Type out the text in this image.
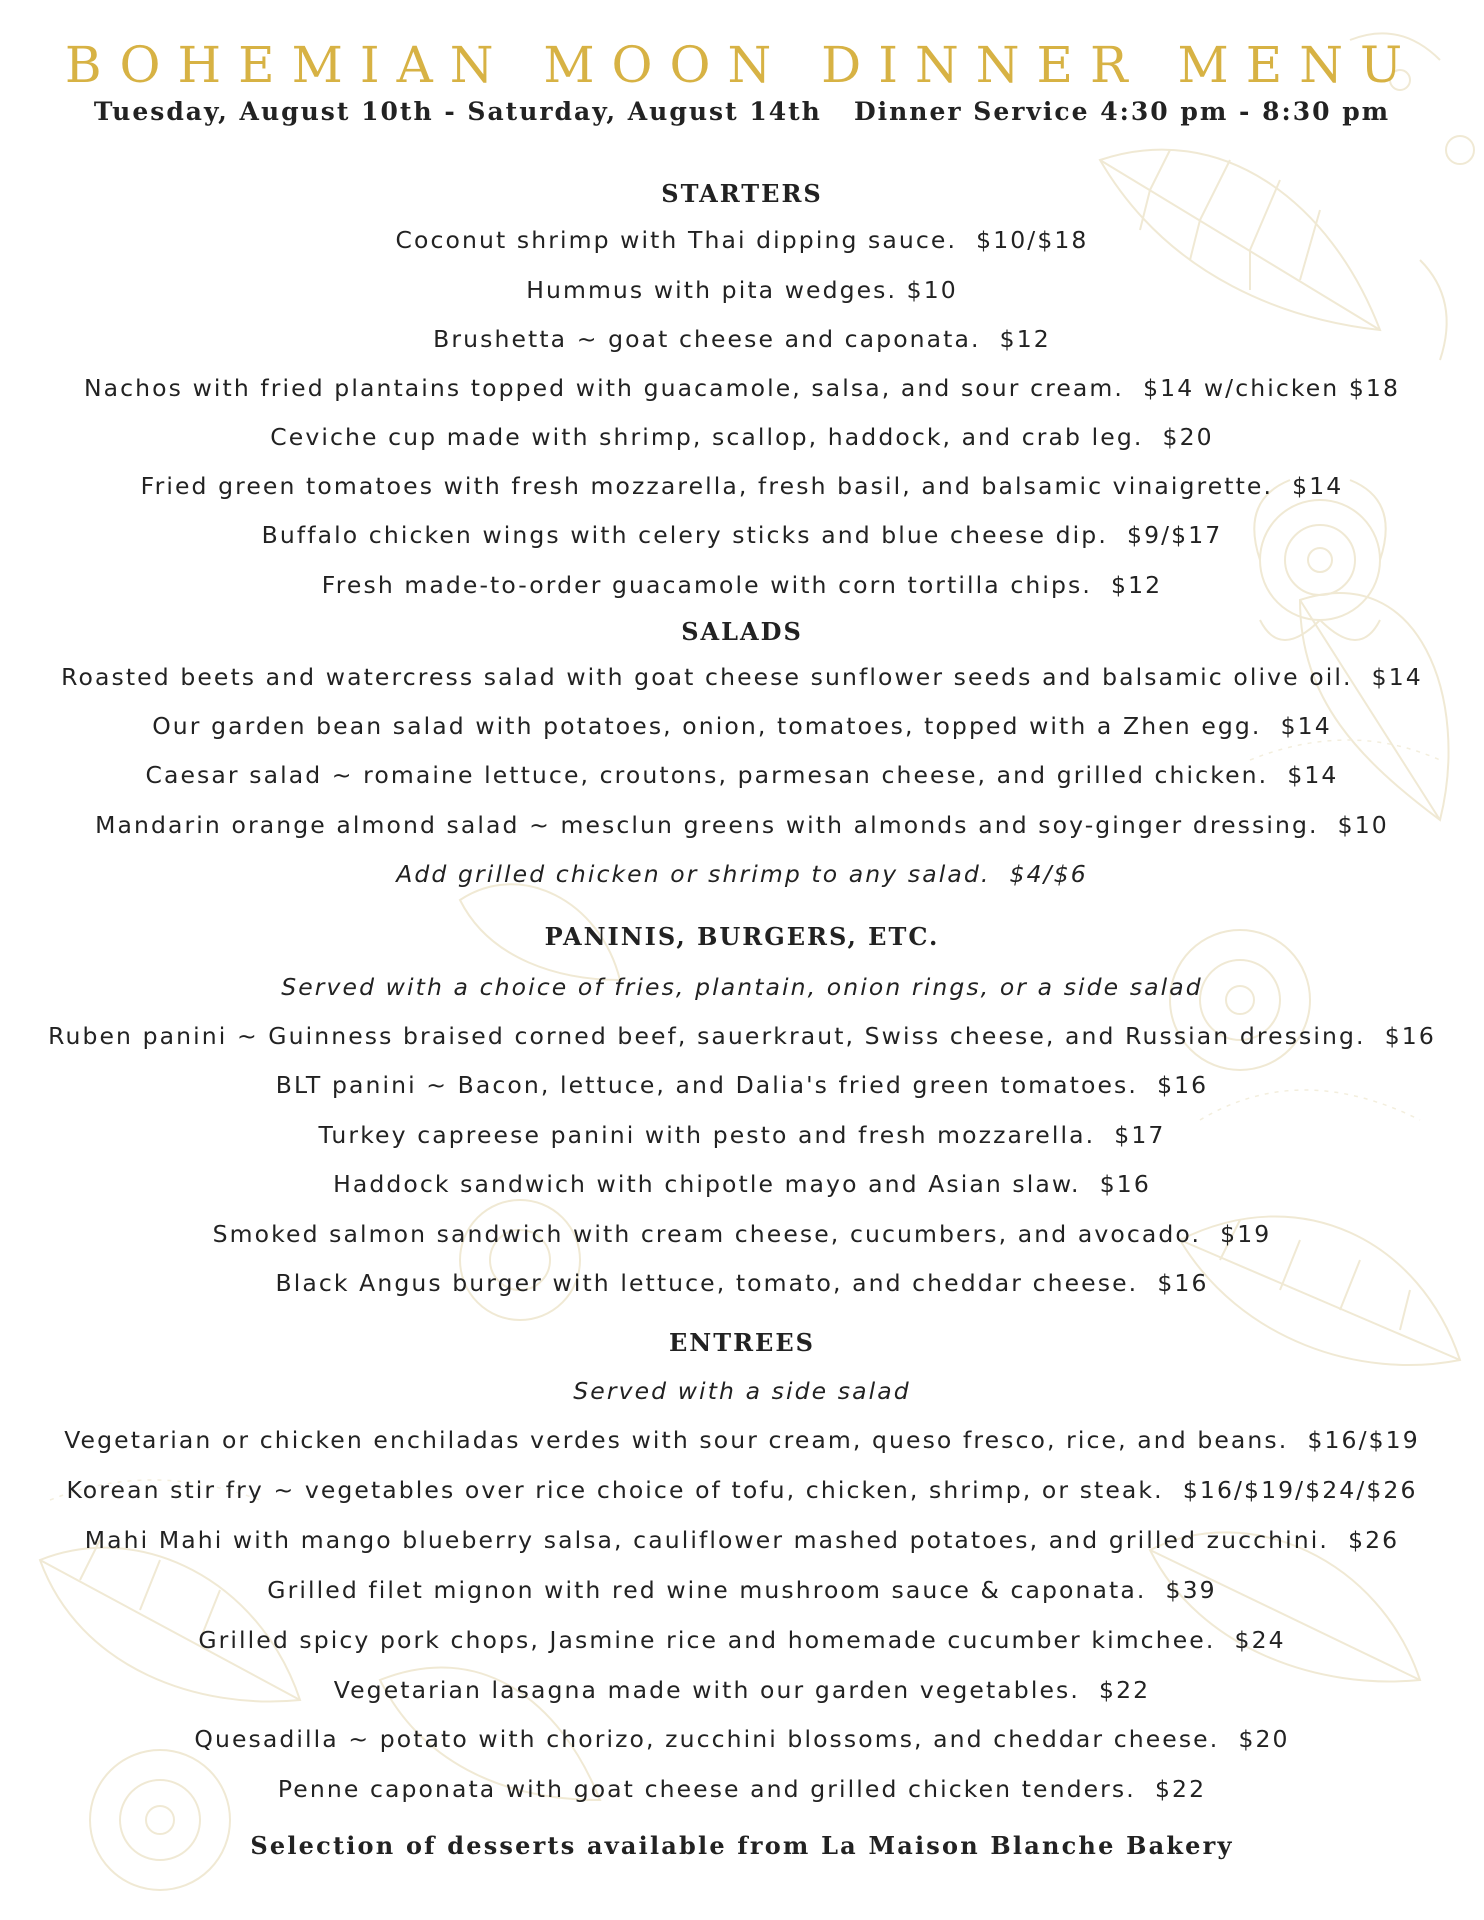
BOHEMIAN MOON DINNER MENU
Tuesday, August 10th - Saturday, August 14th   Dinner Service 4:30 pm - 8:30 pm
STARTERS
Coconut shrimp with Thai dipping sauce.  $10/$18
Hummus with pita wedges. $10
Brushetta ~ goat cheese and caponata.  $12
Nachos with fried plantains topped with guacamole, salsa, and sour cream.  $14 w/chicken $18
Ceviche cup made with shrimp, scallop, haddock, and crab leg.  $20
Fried green tomatoes with fresh mozzarella, fresh basil, and balsamic vinaigrette.  $14
Buffalo chicken wings with celery sticks and blue cheese dip.  $9/$17
Fresh made-to-order guacamole with corn tortilla chips.  $12
SALADS
Roasted beets and watercress salad with goat cheese sunflower seeds and balsamic olive oil.  $14
Our garden bean salad with potatoes, onion, tomatoes, topped with a Zhen egg.  $14
Caesar salad ~ romaine lettuce, croutons, parmesan cheese, and grilled chicken.  $14
Mandarin orange almond salad ~ mesclun greens with almonds and soy-ginger dressing.  $10
Add grilled chicken or shrimp to any salad.  $4/$6
PANINIS, BURGERS, ETC.
Served with a choice of fries, plantain, onion rings, or a side salad
Ruben panini ~ Guinness braised corned beef, sauerkraut, Swiss cheese, and Russian dressing.  $16
BLT panini ~ Bacon, lettuce, and Dalia's fried green tomatoes.  $16
Turkey capreese panini with pesto and fresh mozzarella.  $17
Haddock sandwich with chipotle mayo and Asian slaw.  $16
Smoked salmon sandwich with cream cheese, cucumbers, and avocado.  $19
Black Angus burger with lettuce, tomato, and cheddar cheese.  $16
ENTREES
Served with a side salad
Vegetarian or chicken enchiladas verdes with sour cream, queso fresco, rice, and beans.  $16/$19
Korean stir fry ~ vegetables over rice choice of tofu, chicken, shrimp, or steak.  $16/$19/$24/$26
Mahi Mahi with mango blueberry salsa, cauliflower mashed potatoes, and grilled zucchini.  $26
Grilled filet mignon with red wine mushroom sauce & caponata.  $39
Grilled spicy pork chops, Jasmine rice and homemade cucumber kimchee.  $24
Vegetarian lasagna made with our garden vegetables.  $22
Quesadilla ~ potato with chorizo, zucchini blossoms, and cheddar cheese.  $20
Penne caponata with goat cheese and grilled chicken tenders.  $22
Selection of desserts available from La Maison Blanche Bakery
